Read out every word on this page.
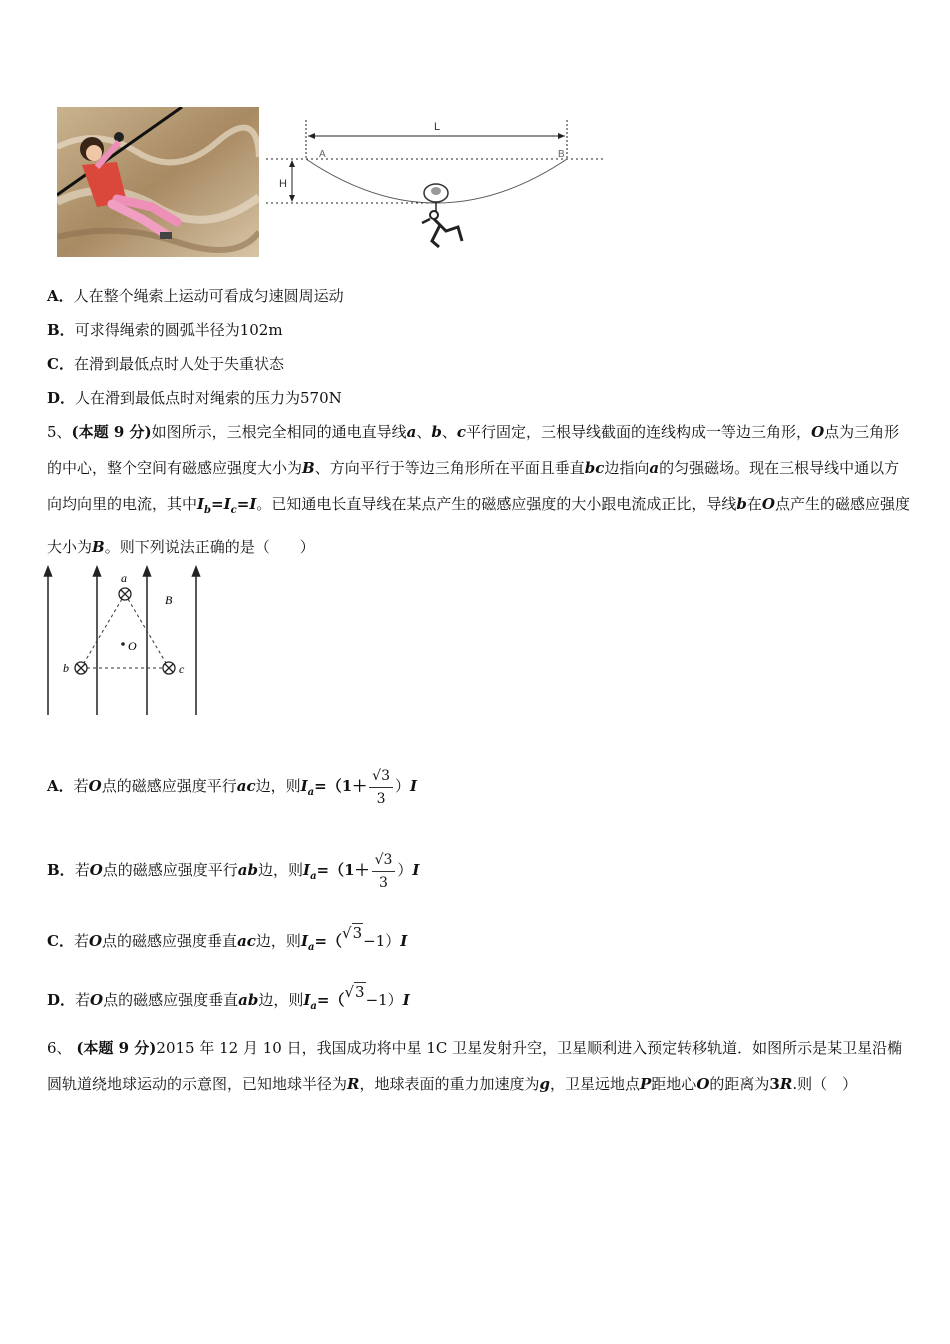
L
A	B
H
A．人在整个绳索上运动可看成匀速圆周运动
B．可求得绳索的圆弧半径为102m
C．在滑到最低点时人处于失重状态
D．人在滑到最低点时对绳索的压力为570N
5、(本题 9 分)如图所示，三根完全相同的通电直导线a、b、c平行固定，三根导线截面的连线构成一等边三角形，O点为三角形的中心，整个空间有磁感应强度大小为B、方向平行于等边三角形所在平面且垂直bc边指向a的匀强磁场。现在三根导线中通以方向均向里的电流，其中$I_b=I_c=I$。已知通电长直导线在某点产生的磁感应强度的大小跟电流成正比，导线b在O点产生的磁感应强度大小为B。则下列说法正确的是（　　）
a
b	c
O
B
A．若O点的磁感应强度平行ac边，则$I_a=(1+ \frac{√3}{3} )I$
B．若O点的磁感应强度平行ab边，则$I_a=(1+ \frac{√3}{3} )I$
C．若O点的磁感应强度垂直ac边，则$I_a=(√3-1)I$
D．若O点的磁感应强度垂直ab边，则$I_a=(√3-1)I$
6、 (本题 9 分)2015 年 12 月 10 日，我国成功将中星 1C 卫星发射升空，卫星顺利进入预定转移轨道．如图所示是某卫星沿椭圆轨道绕地球运动的示意图，已知地球半径为R，地球表面的重力加速度为g，卫星远地点P距地心O的距离为3R.则（　）
